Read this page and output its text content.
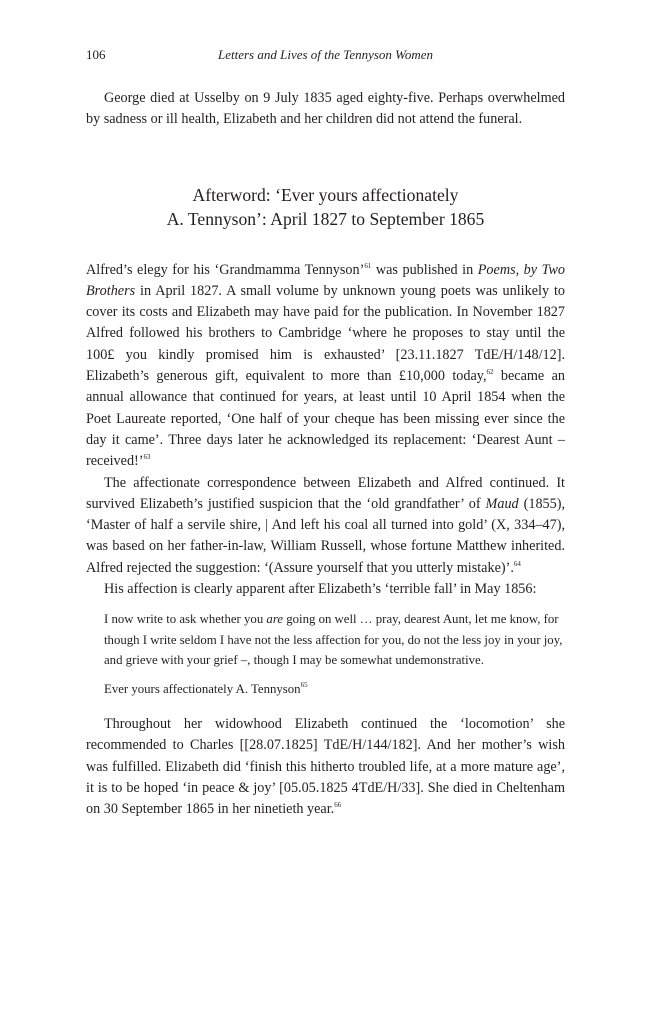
106	Letters and Lives of the Tennyson Women

George died at Usselby on 9 July 1835 aged eighty-five. Perhaps overwhelmed by sadness or ill health, Elizabeth and her children did not attend the funeral.

Afterword: ‘Ever yours affectionately
A. Tennyson’: April 1827 to September 1865

Alfred’s elegy for his ‘Grandmamma Tennyson’$^{61}$ was published in Poems, by Two Brothers in April 1827. A small volume by unknown young poets was unlikely to cover its costs and Elizabeth may have paid for the publication. In November 1827 Alfred followed his brothers to Cambridge ‘where he proposes to stay until the 100£ you kindly promised him is exhausted’ [23.11.1827 TdE/H/148/12]. Elizabeth’s generous gift, equivalent to more than £10,000 today,$^{62}$ became an annual allowance that continued for years, at least until 10 April 1854 when the Poet Laureate reported, ‘One half of your cheque has been missing ever since the day it came’. Three days later he acknowledged its replacement: ‘Dearest Aunt – received!’$^{63}$

The affectionate correspondence between Elizabeth and Alfred continued. It survived Elizabeth’s justified suspicion that the ‘old grandfather’ of Maud (1855), ‘Master of half a servile shire, | And left his coal all turned into gold’ (X, 334–47), was based on her father-in-law, William Russell, whose fortune Matthew inherited. Alfred rejected the suggestion: ‘(Assure yourself that you utterly mistake)’.$^{64}$

His affection is clearly apparent after Elizabeth’s ‘terrible fall’ in May 1856:

I now write to ask whether you are going on well … pray, dearest Aunt, let me know, for though I write seldom I have not the less affection for you, do not the less joy in your joy, and grieve with your grief –, though I may be somewhat undemonstrative.
Ever yours affectionately A. Tennyson$^{65}$

Throughout her widowhood Elizabeth continued the ‘locomotion’ she recommended to Charles [[28.07.1825] TdE/H/144/182]. And her mother’s wish was fulfilled. Elizabeth did ‘finish this hitherto troubled life, at a more mature age’, it is to be hoped ‘in peace & joy’ [05.05.1825 4TdE/H/33]. She died in Cheltenham on 30 September 1865 in her ninetieth year.$^{66}$
